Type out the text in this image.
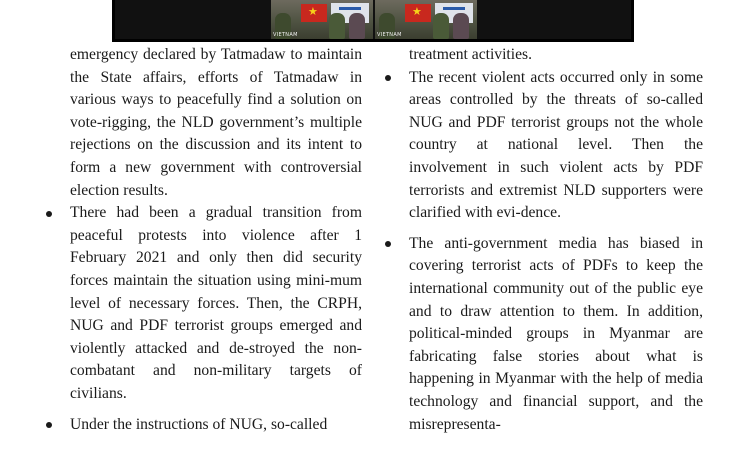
★
VIETNAM
★	VIETNAM

emergency declared by Tatmadaw to maintain the State affairs, efforts of Tatmadaw in various ways to peacefully find a solution on vote-rigging, the NLD government’s multiple rejections on the discussion and its intent to form a new government with controversial election results.

There had been a gradual transition from peaceful protests into violence after 1 February 2021 and only then did security forces maintain the situation using mini-mum level of necessary forces. Then, the CRPH, NUG and PDF terrorist groups emerged and violently attacked and de-stroyed the non-combatant and non-military targets of civilians.

Under the instructions of NUG, so-called

treatment activities.

The recent violent acts occurred only in some areas controlled by the threats of so-called NUG and PDF terrorist groups not the whole country at national level. Then the involvement in such violent acts by PDF terrorists and extremist NLD supporters were clarified with evi-dence.

The anti-government media has biased in covering terrorist acts of PDFs to keep the international community out of the public eye and to draw attention to them. In addition, political-minded groups in Myanmar are fabricating false stories about what is happening in Myanmar with the help of media technology and financial support, and the misrepresenta-
